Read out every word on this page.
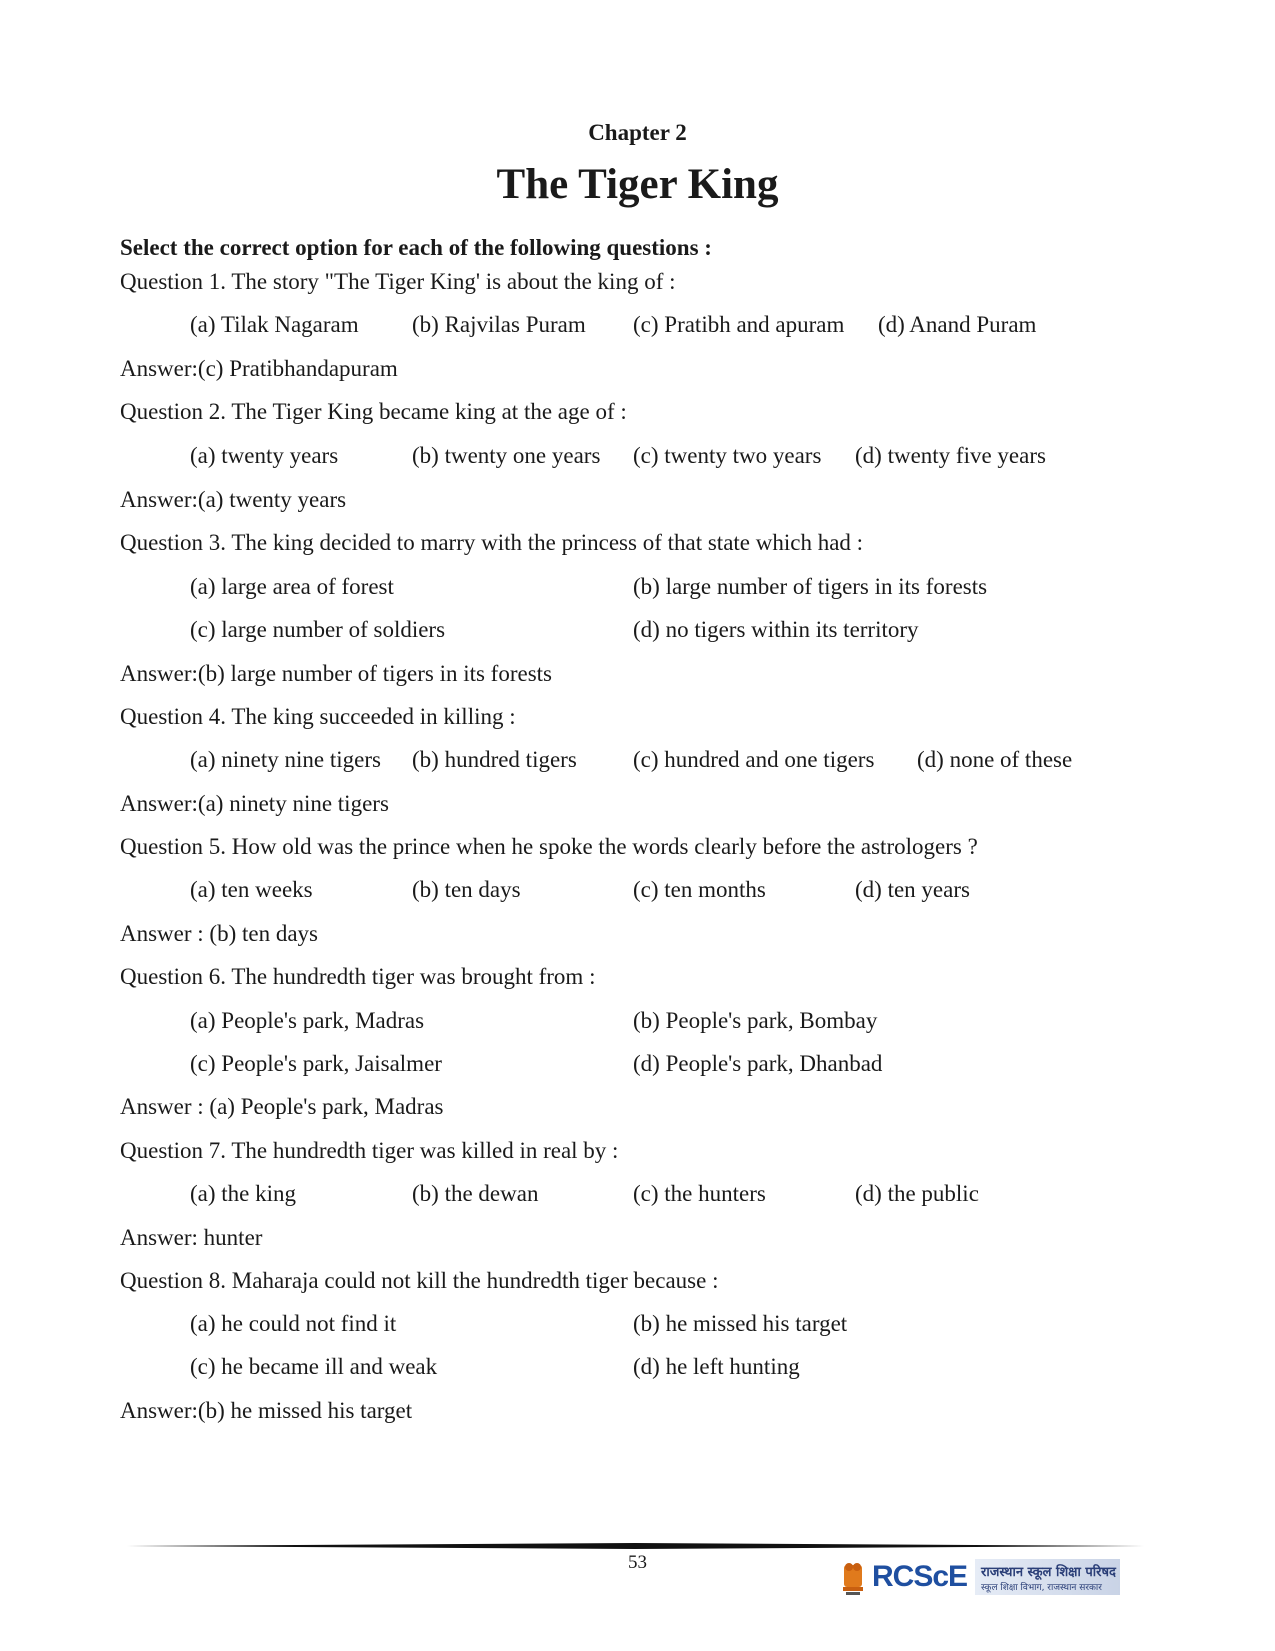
Chapter 2
The Tiger King
Select the correct option for each of the following questions :
Question 1. The story "The Tiger King' is about the king of :
(a) Tilak Nagaram (b) Rajvilas Puram (c) Pratibh and apuram (d) Anand Puram
Answer:(c) Pratibhandapuram
Question 2. The Tiger King became king at the age of :
(a) twenty years	(b) twenty one years (c) twenty two years (d) twenty five years
Answer:(a) twenty years
Question 3. The king decided to marry with the princess of that state which had :
(a) large area of forest	(b) large number of tigers in its forests
(c) large number of soldiers	(d) no tigers within its territory
Answer:(b) large number of tigers in its forests
Question 4. The king succeeded in killing :
(a) ninety nine tigers (b) hundred tigers (c) hundred and one tigers (d) none of these
Answer:(a) ninety nine tigers
Question 5. How old was the prince when he spoke the words clearly before the astrologers ?
(a) ten weeks	(b) ten days	(c) ten months	(d) ten years
Answer : (b) ten days
Question 6. The hundredth tiger was brought from :
(a) People's park, Madras	(b) People's park, Bombay
(c) People's park, Jaisalmer	(d) People's park, Dhanbad
Answer : (a) People's park, Madras
Question 7. The hundredth tiger was killed in real by :
(a) the king	(b) the dewan	(c) the hunters	(d) the public
Answer: hunter
Question 8. Maharaja could not kill the hundredth tiger because :
(a) he could not find it	(b) he missed his target
(c) he became ill and weak	(d) he left hunting
Answer:(b) he missed his target
53	RCScE राजस्थान स्कूल शिक्षा परिषद
स्कूल शिक्षा विभाग, राजस्थान सरकार
